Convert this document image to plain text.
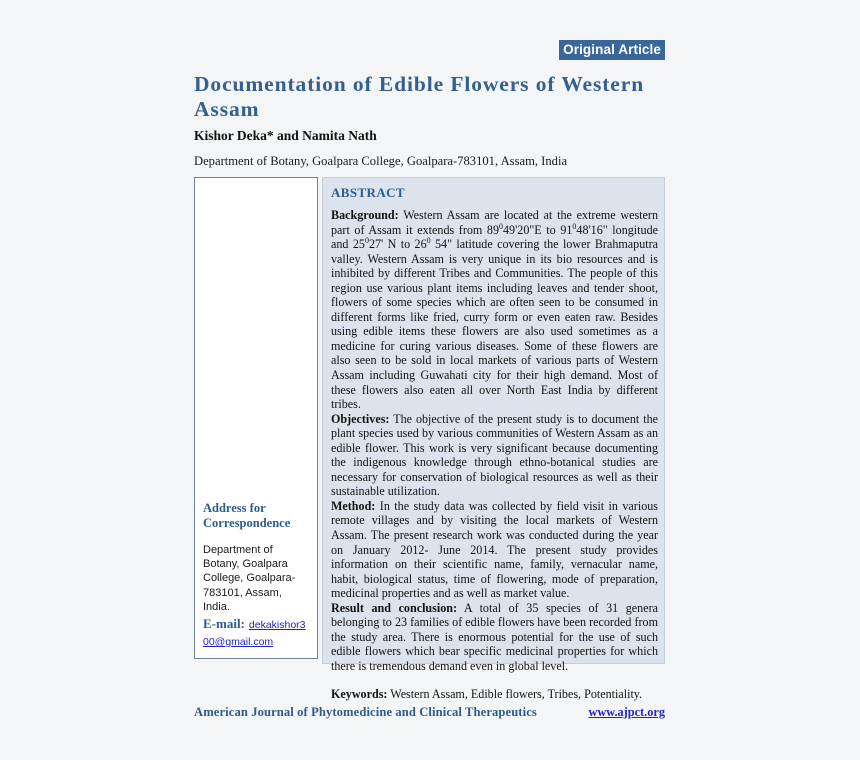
Original Article
Documentation of Edible Flowers of Western Assam
Kishor Deka* and Namita Nath
Department of Botany, Goalpara College, Goalpara-783101, Assam, India
Address for Correspondence
Department of Botany, Goalpara College, Goalpara-783101, Assam, India.
E-mail: dekakishor300@gmail.com
ABSTRACT

Background: Western Assam are located at the extreme western part of Assam it extends from $89^049'20"E$ to $91^048'16$" longitude and $25^027'$ N to $26^0$ 54" latitude covering the lower Brahmaputra valley. Western Assam is very unique in its bio resources and is inhibited by different Tribes and Communities. The people of this region use various plant items including leaves and tender shoot, flowers of some species which are often seen to be consumed in different forms like fried, curry form or even eaten raw. Besides using edible items these flowers are also used sometimes as a medicine for curing various diseases. Some of these flowers are also seen to be sold in local markets of various parts of Western Assam including Guwahati city for their high demand. Most of these flowers also eaten all over North East India by different tribes.

Objectives: The objective of the present study is to document the plant species used by various communities of Western Assam as an edible flower. This work is very significant because documenting the indigenous knowledge through ethno-botanical studies are necessary for conservation of biological resources as well as their sustainable utilization.

Method: In the study data was collected by field visit in various remote villages and by visiting the local markets of Western Assam. The present research work was conducted during the year on January 2012- June 2014. The present study provides information on their scientific name, family, vernacular name, habit, biological status, time of flowering, mode of preparation, medicinal properties and as well as market value.

Result and conclusion: A total of 35 species of 31 genera belonging to 23 families of edible flowers have been recorded from the study area. There is enormous potential for the use of such edible flowers which bear specific medicinal properties for which there is tremendous demand even in global level.

Keywords: Western Assam, Edible flowers, Tribes, Potentiality.

American Journal of Phytomedicine and Clinical Therapeutics	www.ajpct.org
